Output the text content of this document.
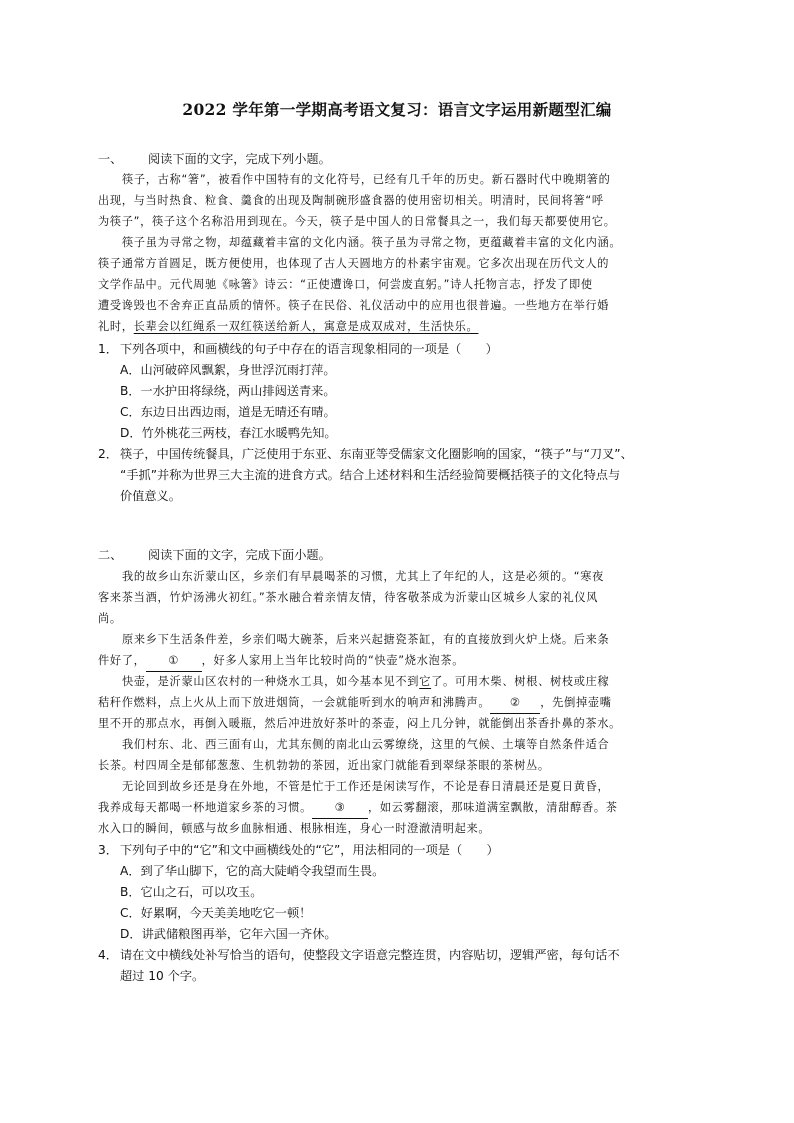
2022 学年第一学期高考语文复习：语言文字运用新题型汇编
一、 阅读下面的文字，完成下列小题。
筷子，古称“箸”，被看作中国特有的文化符号，已经有几千年的历史。新石器时代中晚期箸的
出现，与当时热食、粒食、羹食的出现及陶制碗形盛食器的使用密切相关。明清时，民间将箸“呼
为筷子”，筷子这个名称沿用到现在。今天，筷子是中国人的日常餐具之一，我们每天都要使用它。
筷子虽为寻常之物，却蕴藏着丰富的文化内涵。筷子虽为寻常之物，更蕴藏着丰富的文化内涵。
筷子通常方首圆足，既方便使用，也体现了古人天圆地方的朴素宇宙观。它多次出现在历代文人的
文学作品中。元代周驰《咏箸》诗云：“正使遭谗口，何尝废直躬。”诗人托物言志，抒发了即使
遭受谗毁也不舍弃正直品质的情怀。筷子在民俗、礼仪活动中的应用也很普遍。一些地方在举行婚
礼时，长辈会以红绳系一双红筷送给新人，寓意是成双成对，生活快乐。
1． 下列各项中，和画横线的句子中存在的语言现象相同的一项是（　　）
A．山河破碎风飘絮，身世浮沉雨打萍。
B．一水护田将绿绕，两山排闼送青来。
C．东边日出西边雨，道是无晴还有晴。
D．竹外桃花三两枝，春江水暖鸭先知。
2． 筷子，中国传统餐具，广泛使用于东亚、东南亚等受儒家文化圈影响的国家，“筷子”与“刀叉”、
“手抓”并称为世界三大主流的进食方式。结合上述材料和生活经验简要概括筷子的文化特点与
价值意义。
二、 阅读下面的文字，完成下面小题。
我的故乡山东沂蒙山区，乡亲们有早晨喝茶的习惯，尤其上了年纪的人，这是必须的。“寒夜
客来茶当酒，竹炉汤沸火初红。”茶水融合着亲情友情，待客敬茶成为沂蒙山区城乡人家的礼仪风
尚。
原来乡下生活条件差，乡亲们喝大碗茶，后来兴起搪瓷茶缸，有的直接放到火炉上烧。后来条
件好了， ① ，好多人家用上当年比较时尚的“快壶”烧水泡茶。
快壶，是沂蒙山区农村的一种烧水工具，如今基本见不到它了。可用木柴、树根、树枝或庄稼
秸秆作燃料，点上火从上而下放进烟筒，一会就能听到水的响声和沸腾声。 ② ，先倒掉壶嘴
里不开的那点水，再倒入暖瓶，然后冲进放好茶叶的茶壶，闷上几分钟，就能倒出茶香扑鼻的茶水。
我们村东、北、西三面有山，尤其东侧的南北山云雾缭绕，这里的气候、土壤等自然条件适合
长茶。村四周全是郁郁葱葱、生机勃勃的茶园，近出家门就能看到翠绿茶眼的茶树丛。
无论回到故乡还是身在外地，不管是忙于工作还是闲读写作，不论是春日清晨还是夏日黄昏，
我养成每天都喝一杯地道家乡茶的习惯。 ③ ，如云雾翻滚，那味道满室飘散，清甜醇香。茶
水入口的瞬间，顿感与故乡血脉相通、根脉相连，身心一时澄澈清明起来。
3． 下列句子中的“它”和文中画横线处的“它”，用法相同的一项是（　　）
A．到了华山脚下，它的高大陡峭令我望而生畏。
B．它山之石，可以攻玉。
C．好累啊，今天美美地吃它一顿！
D．讲武储粮图再举，它年六国一齐休。
4． 请在文中横线处补写恰当的语句，使整段文字语意完整连贯，内容贴切，逻辑严密，每句话不
超过 10 个字。
